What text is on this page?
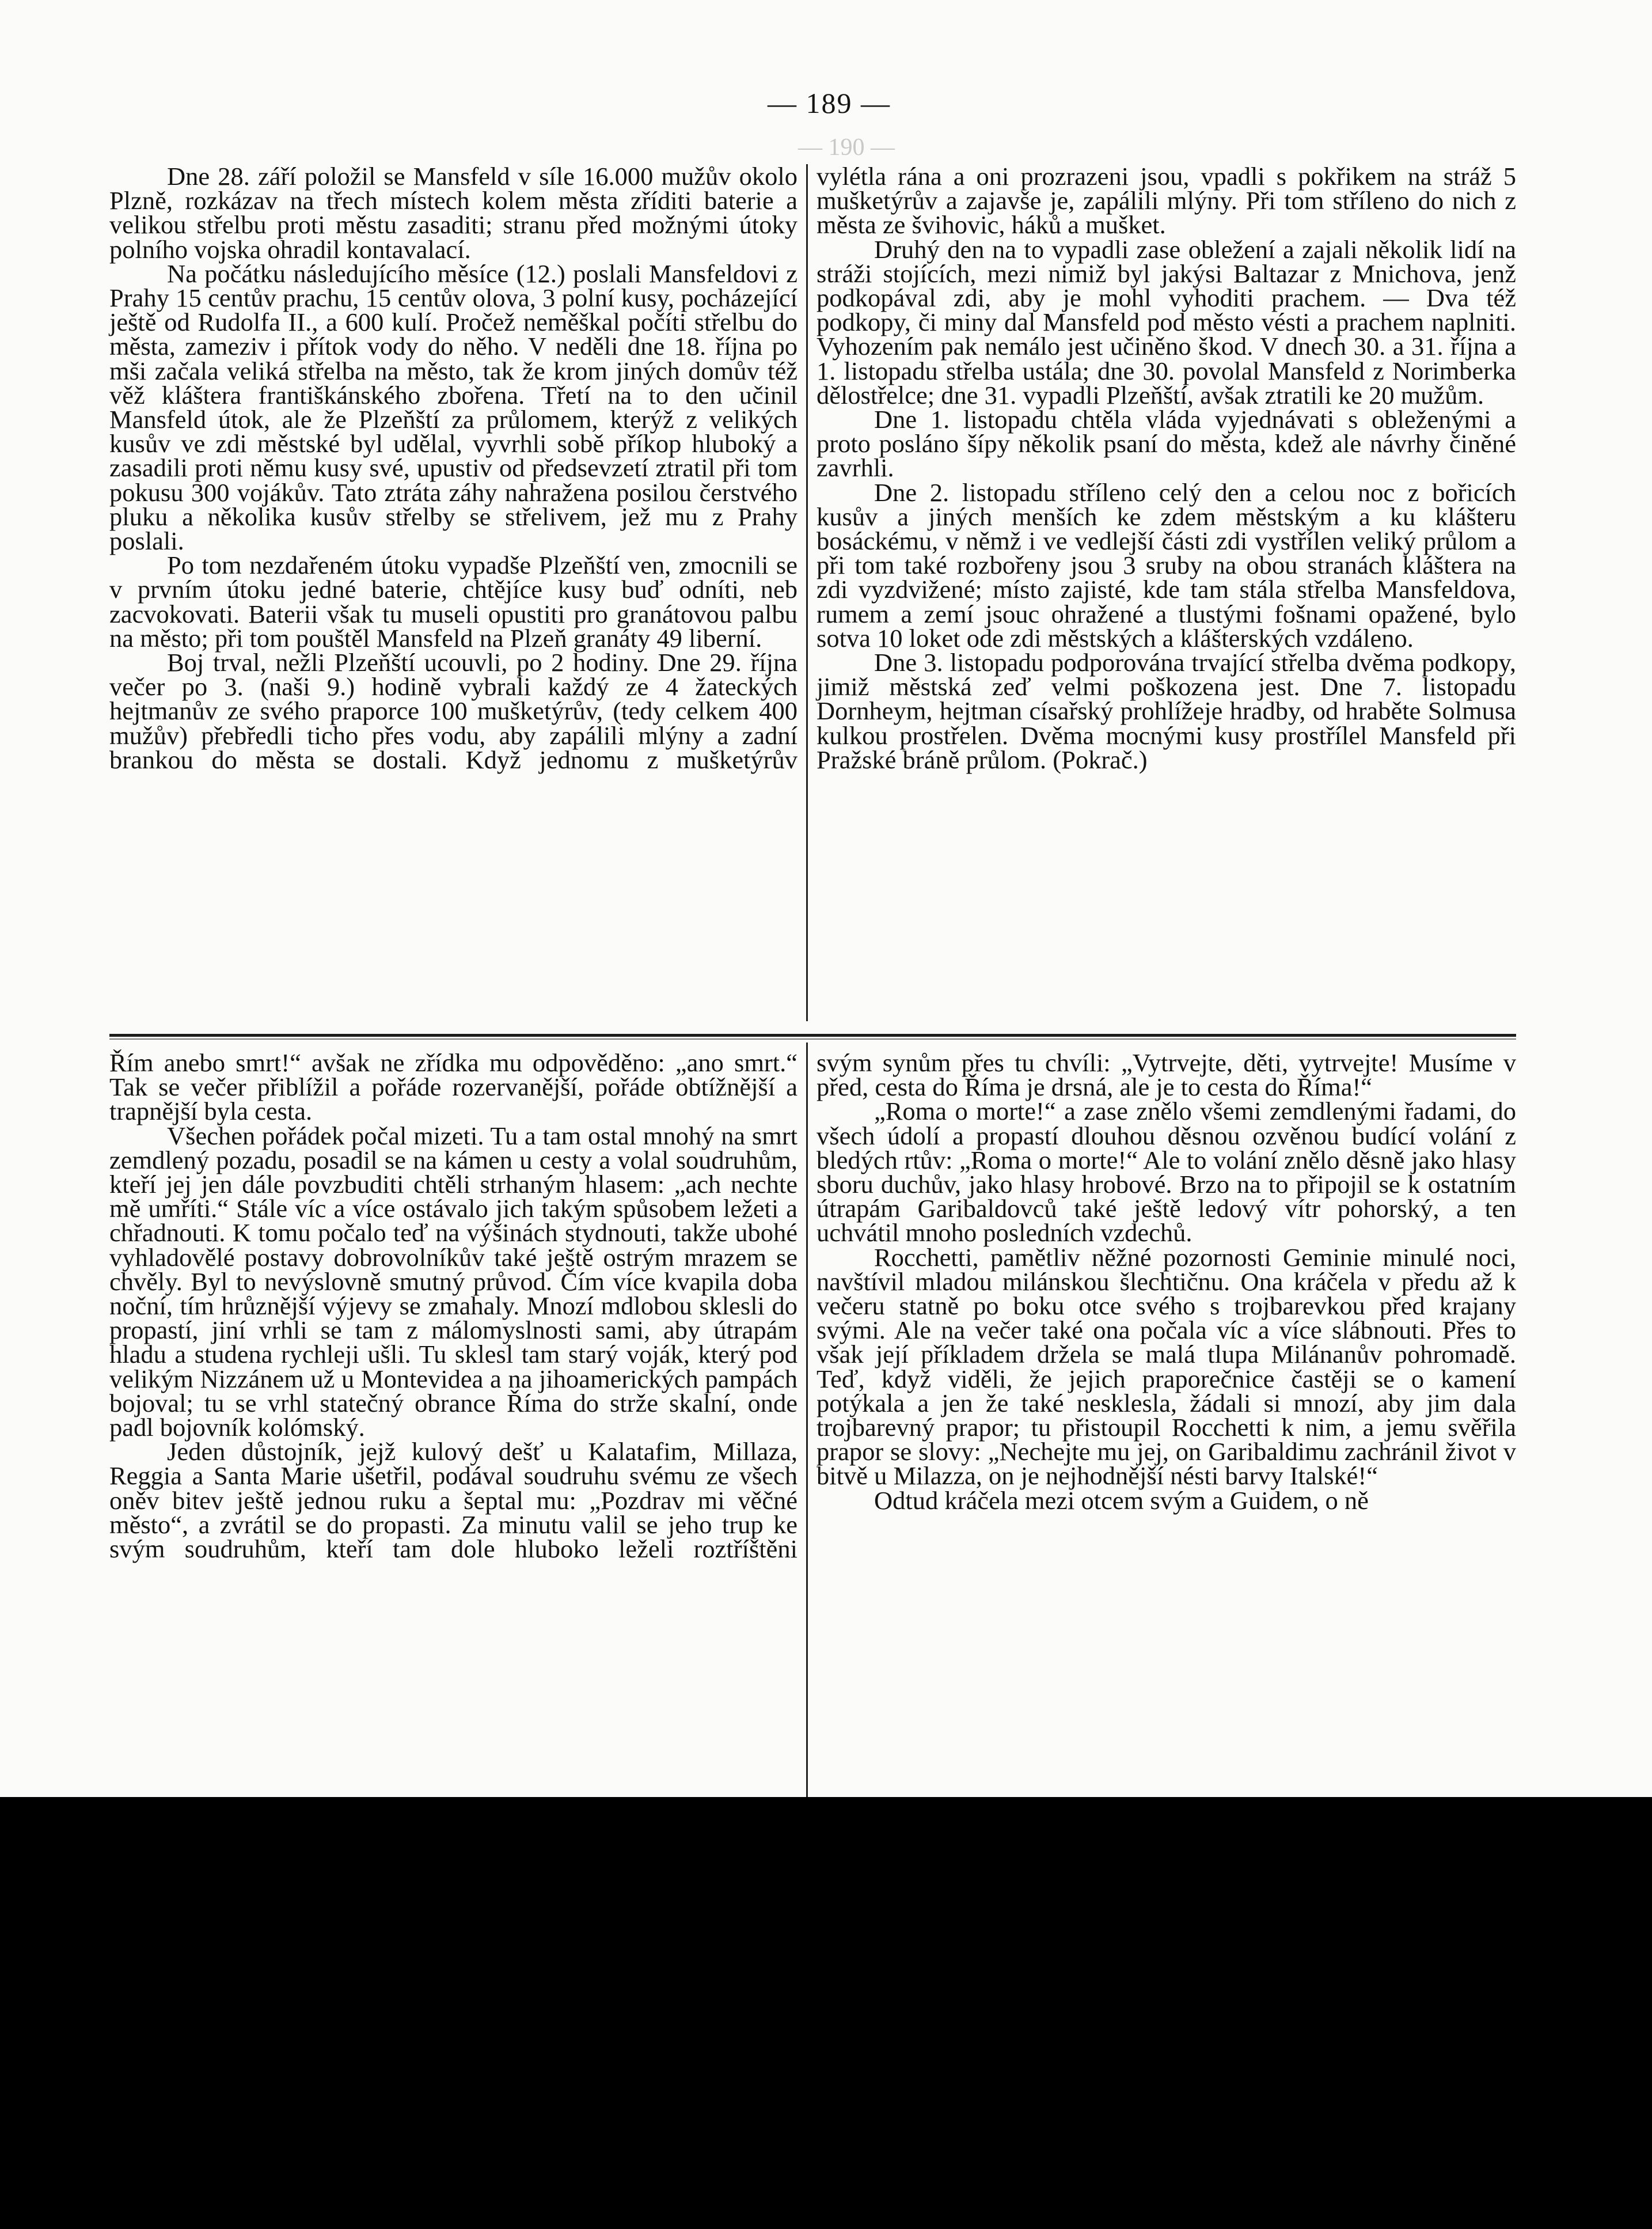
— 189 —
— 190 —

Dne 28. září položil se Mansfeld v síle 16.000 mužův okolo Plzně, rozkázav na třech místech kolem města zříditi baterie a velikou střelbu proti městu zasaditi; stranu před možnými útoky polního vojska ohradil kontavalací.

Na počátku následujícího měsíce (12.) poslali Mansfeldovi z Prahy 15 centův prachu, 15 centův olova, 3 polní kusy, pocházející ještě od Rudolfa II., a 600 kulí. Pročež neměškal počíti střelbu do města, zameziv i přítok vody do něho. V neděli dne 18. října po mši začala veliká střelba na město, tak že krom jiných domův též věž kláštera františkánského zbořena. Třetí na to den učinil Mansfeld útok, ale že Plzeňští za průlomem, kterýž z velikých kusův ve zdi městské byl udělal, vyvrhli sobě příkop hluboký a zasadili proti němu kusy své, upustiv od předsevzetí ztratil při tom pokusu 300 vojákův. Tato ztráta záhy nahražena posilou čerstvého pluku a několika kusův střelby se střelivem, jež mu z Prahy poslali.

Po tom nezdařeném útoku vypadše Plzeňští ven, zmocnili se v prvním útoku jedné baterie, chtějíce kusy buď odníti, neb zacvokovati. Baterii však tu museli opustiti pro granátovou palbu na město; při tom pouštěl Mansfeld na Plzeň granáty 49 liberní.

Boj trval, nežli Plzeňští ucouvli, po 2 hodiny. Dne 29. října večer po 3. (naši 9.) hodině vybrali každý ze 4 žateckých hejtmanův ze svého praporce 100 mušketýrův, (tedy celkem 400 mužův) přebředli ticho přes vodu, aby zapálili mlýny a zadní brankou do města se dostali. Když jednomu z mušketýrův

vylétla rána a oni prozrazeni jsou, vpadli s pokřikem na stráž 5 mušketýrův a zajavše je, zapálili mlýny. Při tom stříleno do nich z města ze švihovic, háků a mušket.

Druhý den na to vypadli zase obležení a zajali několik lidí na stráži stojících, mezi nimiž byl jakýsi Baltazar z Mnichova, jenž podkopával zdi, aby je mohl vyhoditi prachem. — Dva též podkopy, či miny dal Mansfeld pod město vésti a prachem naplniti. Vyhozením pak nemálo jest učiněno škod. V dnech 30. a 31. října a 1. listopadu střelba ustála; dne 30. povolal Mansfeld z Norimberka dělostřelce; dne 31. vypadli Plzeňští, avšak ztratili ke 20 mužům.

Dne 1. listopadu chtěla vláda vyjednávati s obleženými a proto posláno šípy několik psaní do města, kdež ale návrhy činěné zavrhli.

Dne 2. listopadu stříleno celý den a celou noc z bořicích kusův a jiných menších ke zdem městským a ku klášteru bosáckému, v němž i ve vedlejší části zdi vystřílen veliký průlom a při tom také rozbořeny jsou 3 sruby na obou stranách kláštera na zdi vyzdvižené; místo zajisté, kde tam stála střelba Mansfeldova, rumem a zemí jsouc ohražené a tlustými fošnami opažené, bylo sotva 10 loket ode zdi městských a klášterských vzdáleno.

Dne 3. listopadu podporována trvající střelba dvěma podkopy, jimiž městská zeď velmi poškozena jest. Dne 7. listopadu Dornheym, hejtman císařský prohlížeje hradby, od hraběte Solmusa kulkou prostřelen. Dvěma mocnými kusy prostřílel Mansfeld při Pražské bráně průlom. (Pokrač.)

Řím anebo smrt!“ avšak ne zřídka mu odpověděno: „ano smrt.“ Tak se večer přiblížil a pořáde rozervanější, pořáde obtížnější a trapnější byla cesta.

Všechen pořádek počal mizeti. Tu a tam ostal mnohý na smrt zemdlený pozadu, posadil se na kámen u cesty a volal soudruhům, kteří jej jen dále povzbuditi chtěli strhaným hlasem: „ach nechte mě umříti.“ Stále víc a více ostávalo jich takým spůsobem ležeti a chřadnouti. K tomu počalo teď na výšinách stydnouti, takže ubohé vyhladovělé postavy dobrovolníkův také ještě ostrým mrazem se chvěly. Byl to nevýslovně smutný průvod. Čím více kvapila doba noční, tím hrůznější výjevy se zmahaly. Mnozí mdlobou sklesli do propastí, jiní vrhli se tam z málomyslnosti sami, aby útrapám hladu a studena rychleji ušli. Tu sklesl tam starý voják, který pod velikým Nizzánem už u Montevidea a na jihoamerických pampách bojoval; tu se vrhl statečný obrance Říma do strže skalní, onde padl bojovník kolómský.

Jeden důstojník, jejž kulový dešť u Kalatafim, Millaza, Reggia a Santa Marie ušetřil, podával soudruhu svému ze všech oněv bitev ještě jednou ruku a šeptal mu: „Pozdrav mi věčné město“, a zvrátil se do propasti. Za minutu valil se jeho trup ke svým soudruhům, kteří tam dole hluboko leželi roztříštěni

svým synům přes tu chvíli: „Vytrvejte, děti, vytrvejte! Musíme v před, cesta do Říma je drsná, ale je to cesta do Říma!“

„Roma o morte!“ a zase znělo všemi zemdlenými řadami, do všech údolí a propastí dlouhou děsnou ozvěnou budící volání z bledých rtův: „Roma o morte!“ Ale to volání znělo děsně jako hlasy sboru duchův, jako hlasy hrobové. Brzo na to připojil se k ostatním útrapám Garibaldovců také ještě ledový vítr pohorský, a ten uchvátil mnoho posledních vzdechů.

Rocchetti, pamětliv něžné pozornosti Geminie minulé noci, navštívil mladou milánskou šlechtičnu. Ona kráčela v předu až k večeru statně po boku otce svého s trojbarevkou před krajany svými. Ale na večer také ona počala víc a více slábnouti. Přes to však její příkladem držela se malá tlupa Milánanův pohromadě. Teď, když viděli, že jejich praporečnice častěji se o kamení potýkala a jen že také neskleslа, žádali si mnozí, aby jim dala trojbarevný prapor; tu přistoupil Rocchetti k nim, a jemu svěřila prapor se slovy: „Nechejte mu jej, on Garibaldimu zachránil život v bitvě u Milazza, on je nejhodnější nésti barvy Italské!“

Odtud kráčela mezi otcem svým a Guidem, o ně
